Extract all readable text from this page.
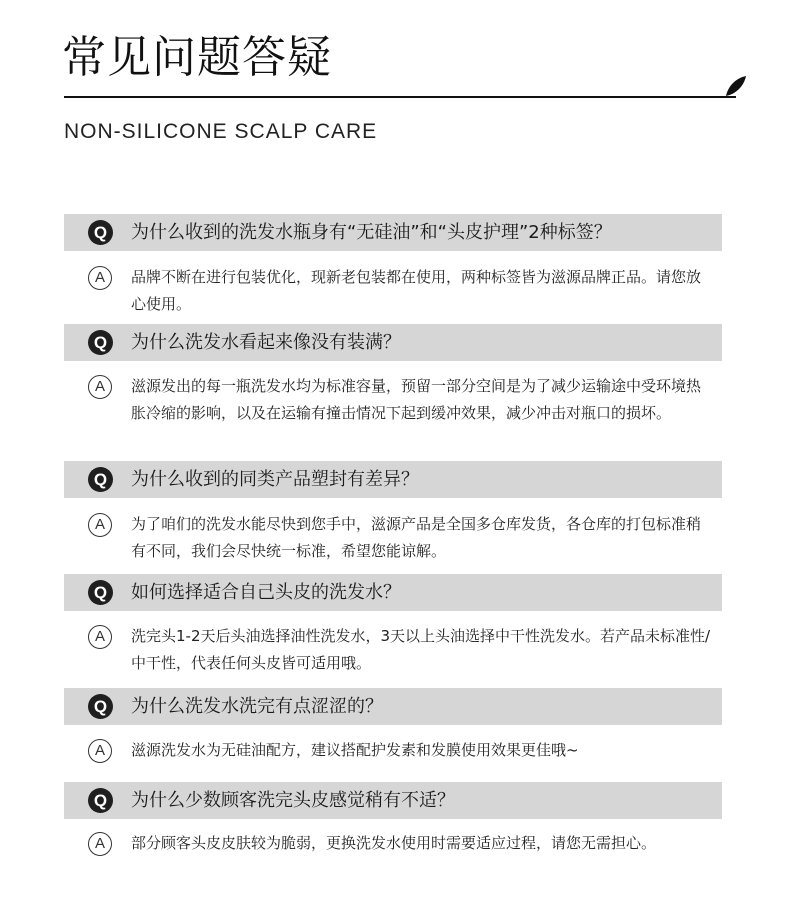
常见问题答疑
NON-SILICONE SCALP CARE
Q	为什么收到的洗发水瓶身有“无硅油”和“头皮护理”2种标签？
A	品牌不断在进行包装优化，现新老包装都在使用，两种标签皆为滋源品牌正品。请您放心使用。
Q	为什么洗发水看起来像没有装满？
A	滋源发出的每一瓶洗发水均为标准容量，预留一部分空间是为了减少运输途中受环境热胀冷缩的影响，以及在运输有撞击情况下起到缓冲效果，减少冲击对瓶口的损坏。
Q	为什么收到的同类产品塑封有差异？
A	为了咱们的洗发水能尽快到您手中，滋源产品是全国多仓库发货，各仓库的打包标准稍有不同，我们会尽快统一标准，希望您能谅解。
Q	如何选择适合自己头皮的洗发水？
A	洗完头1-2天后头油选择油性洗发水，3天以上头油选择中干性洗发水。若产品未标准性/中干性，代表任何头皮皆可适用哦。
Q	为什么洗发水洗完有点涩涩的？
A	滋源洗发水为无硅油配方，建议搭配护发素和发膜使用效果更佳哦~
Q	为什么少数顾客洗完头皮感觉稍有不适？
A	部分顾客头皮皮肤较为脆弱，更换洗发水使用时需要适应过程，请您无需担心。
